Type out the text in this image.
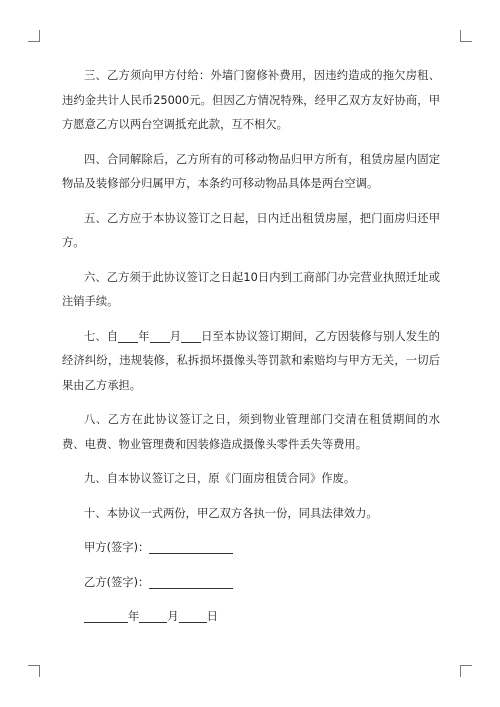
三、乙方须向甲方付给：外墙门窗修补费用，因违约造成的拖欠房租、违约金共计人民币25000元。但因乙方情况特殊，经甲乙双方友好协商，甲方愿意乙方以两台空调抵充此款，互不相欠。

四、合同解除后，乙方所有的可移动物品归甲方所有，租赁房屋内固定物品及装修部分归属甲方，本条约可移动物品具体是两台空调。

五、乙方应于本协议签订之日起，日内迁出租赁房屋，把门面房归还甲方。

六、乙方须于此协议签订之日起10日内到工商部门办完营业执照迁址或注销手续。

七、自 年 月 日至本协议签订期间，乙方因装修与别人发生的经济纠纷，违规装修，私拆损坏摄像头等罚款和索赔均与甲方无关，一切后果由乙方承担。

八、乙方在此协议签订之日，须到物业管理部门交清在租赁期间的水费、电费、物业管理费和因装修造成摄像头零件丢失等费用。

九、自本协议签订之日，原《门面房租赁合同》作废。

十、本协议一式两份，甲乙双方各执一份，同具法律效力。

甲方(签字)：

乙方(签字)：

年 月 日
